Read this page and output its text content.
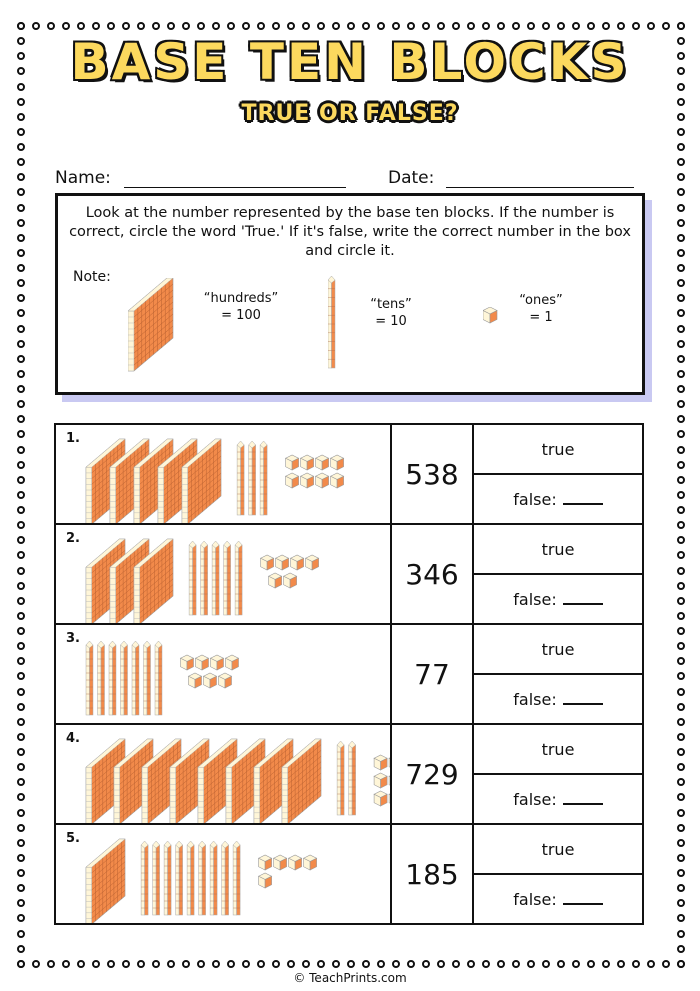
BASE TEN BLOCKS
TRUE OR FALSE?
Name:	Date:
Look at the number represented by the base ten blocks. If the number is correct, circle the word 'True.' If it's false, write the correct number in the box and circle it.
Note:
“hundreds”
= 100
“tens”
= 10
“ones”
= 1
1.	538	true
		false:

2.	346	true
		false:

3.	77	true
		false:

4.	729	true
		false:

5.	185	true
		false:
© TeachPrints.com
